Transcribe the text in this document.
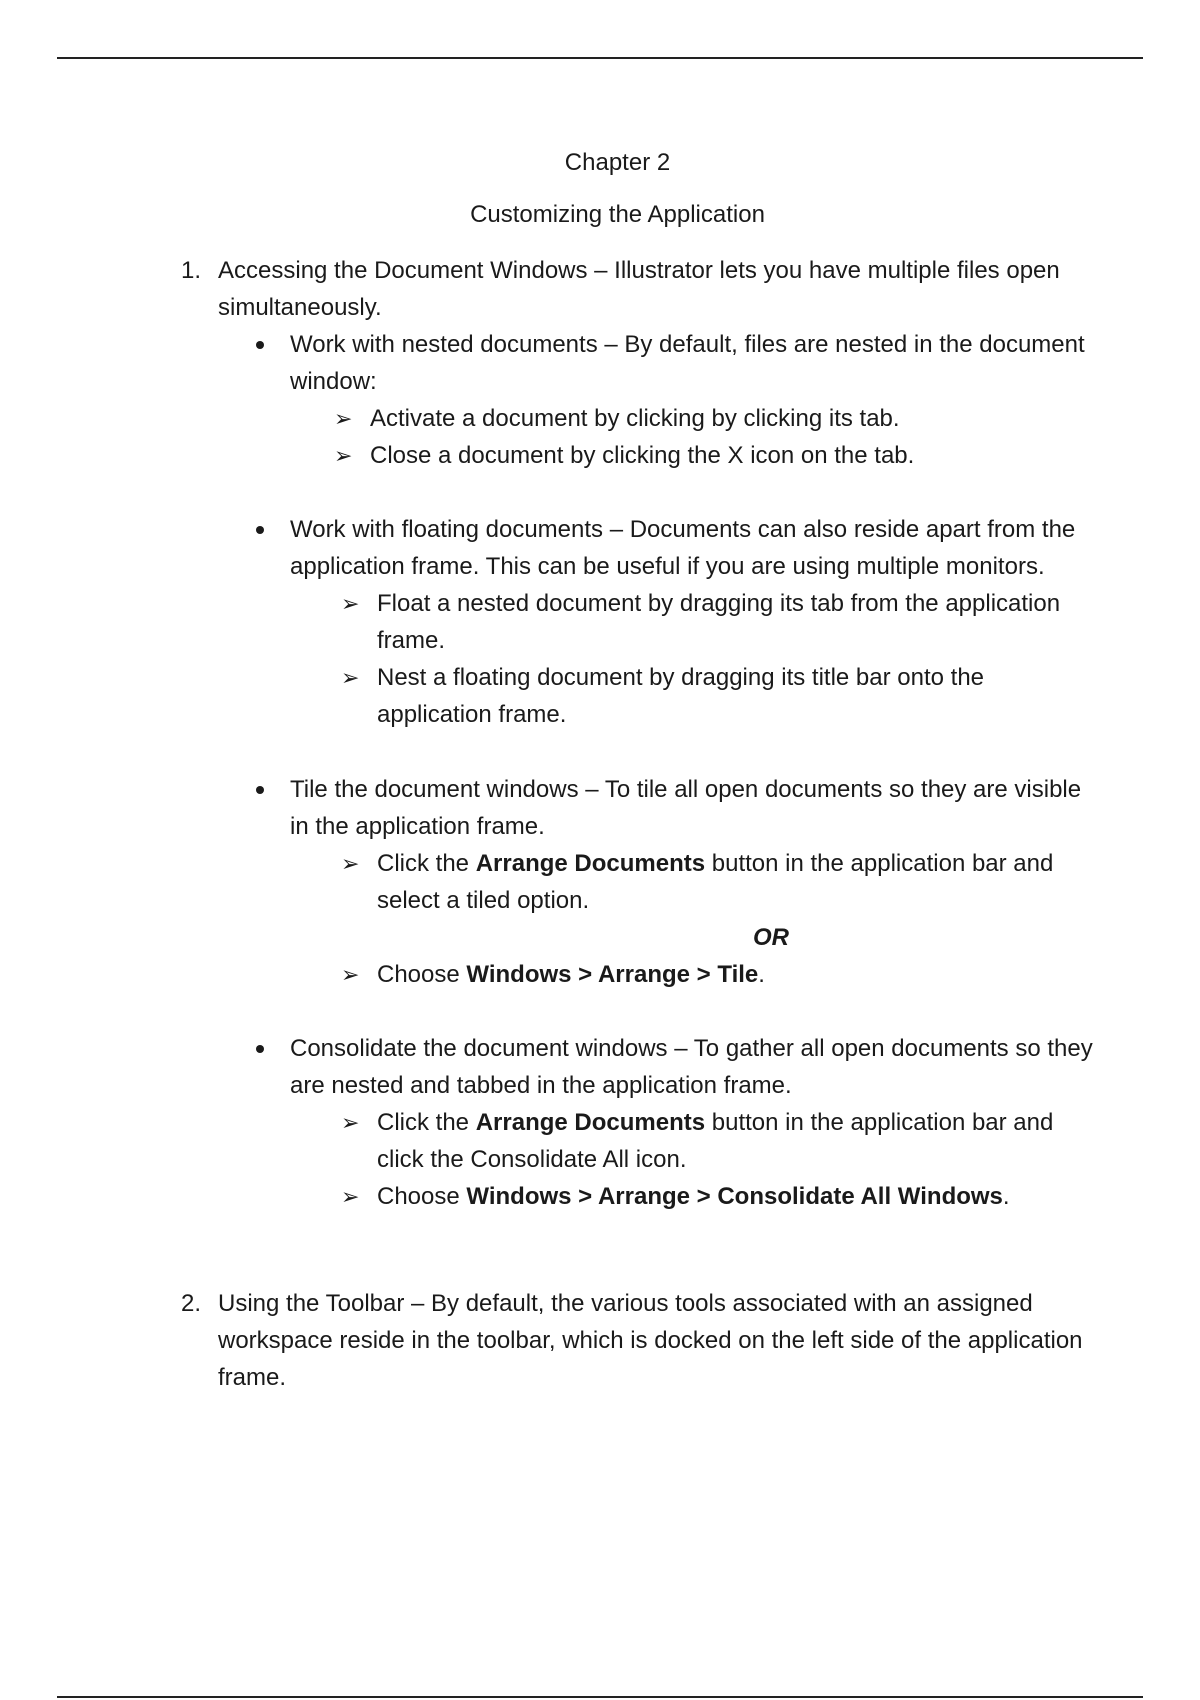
Chapter 2
Customizing the Application
1. Accessing the Document Windows – Illustrator lets you have multiple files open simultaneously.
Work with nested documents – By default, files are nested in the document window:
➢ Activate a document by clicking by clicking its tab.
➢ Close a document by clicking the X icon on the tab.
Work with floating documents – Documents can also reside apart from the application frame. This can be useful if you are using multiple monitors.
➢ Float a nested document by dragging its tab from the application frame.
➢ Nest a floating document by dragging its title bar onto the application frame.
Tile the document windows – To tile all open documents so they are visible in the application frame.
➢ Click the Arrange Documents button in the application bar and select a tiled option.
OR
➢ Choose Windows > Arrange > Tile.
Consolidate the document windows – To gather all open documents so they are nested and tabbed in the application frame.
➢ Click the Arrange Documents button in the application bar and click the Consolidate All icon.
➢ Choose Windows > Arrange > Consolidate All Windows.
2. Using the Toolbar – By default, the various tools associated with an assigned workspace reside in the toolbar, which is docked on the left side of the application frame.
